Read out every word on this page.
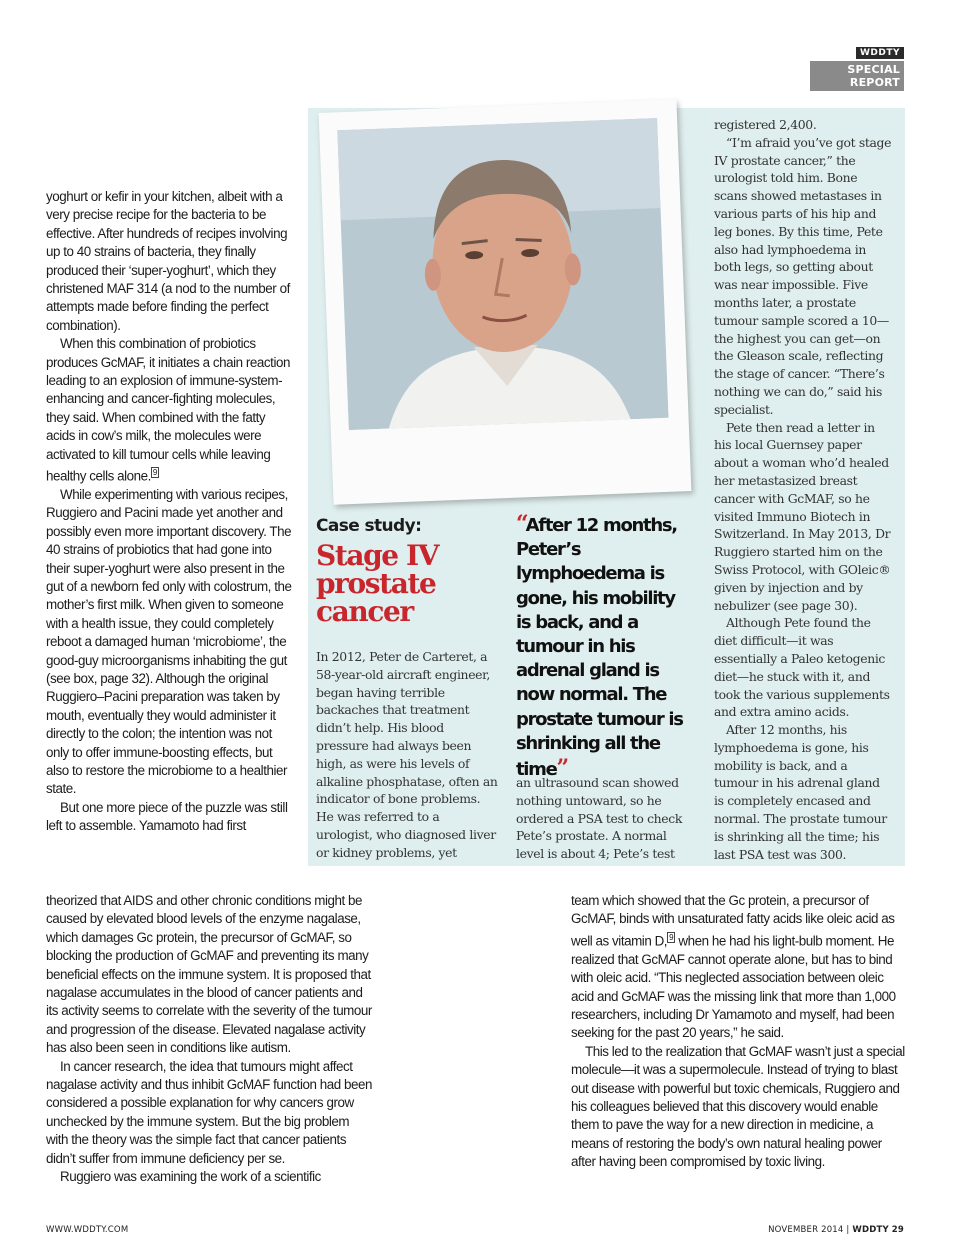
WDDTY
SPECIAL REPORT
Case study:
Stage IV prostate cancer

In 2012, Peter de Carteret, a 58-year-old aircraft engineer, began having terrible backaches that treatment didn’t help. His blood pressure had always been high, as were his levels of alkaline phosphatase, often an indicator of bone problems. He was referred to a urologist, who diagnosed liver or kidney problems, yet

“After 12 months, Peter’s lymphoedema is gone, his mobility is back, and a tumour in his adrenal gland is now normal. The prostate tumour is shrinking all the time”

an ultrasound scan showed nothing untoward, so he ordered a PSA test to check Pete’s prostate. A normal level is about 4; Pete’s test

registered 2,400.

“I’m afraid you’ve got stage IV prostate cancer,” the urologist told him. Bone scans showed metastases in various parts of his hip and leg bones. By this time, Pete also had lymphoedema in both legs, so getting about was near impossible. Five months later, a prostate tumour sample scored a 10—the highest you can get—on the Gleason scale, reflecting the stage of cancer. “There’s nothing we can do,” said his specialist.

Pete then read a letter in his local Guernsey paper about a woman who’d healed her metastasized breast cancer with GcMAF, so he visited Immuno Biotech in Switzerland. In May 2013, Dr Ruggiero started him on the Swiss Protocol, with GOleic® given by injection and by nebulizer (see page 30).

Although Pete found the diet difficult—it was essentially a Paleo ketogenic diet—he stuck with it, and took the various supplements and extra amino acids.

After 12 months, his lymphoedema is gone, his mobility is back, and a tumour in his adrenal gland is completely encased and normal. The prostate tumour is shrinking all the time; his last PSA test was 300.

yoghurt or kefir in your kitchen, albeit with a very precise recipe for the bacteria to be effective. After hundreds of recipes involving up to 40 strains of bacteria, they finally produced their ‘super-yoghurt’, which they christened MAF 314 (a nod to the number of attempts made before finding the perfect combination).

When this combination of probiotics produces GcMAF, it initiates a chain reaction leading to an explosion of immune-system-enhancing and cancer-fighting molecules, they said. When combined with the fatty acids in cow’s milk, the molecules were activated to kill tumour cells while leaving healthy cells alone. $^9$

While experimenting with various recipes, Ruggiero and Pacini made yet another and possibly even more important discovery. The 40 strains of probiotics that had gone into their super-yoghurt were also present in the gut of a newborn fed only with colostrum, the mother’s first milk. When given to someone with a health issue, they could completely reboot a damaged human ‘microbiome’, the good-guy microorganisms inhabiting the gut (see box, page 32). Although the original Ruggiero–Pacini preparation was taken by mouth, eventually they would administer it directly to the colon; the intention was not only to offer immune-boosting effects, but also to restore the microbiome to a healthier state.

But one more piece of the puzzle was still left to assemble. Yamamoto had first

theorized that AIDS and other chronic conditions might be caused by elevated blood levels of the enzyme nagalase, which damages Gc protein, the precursor of GcMAF, so blocking the production of GcMAF and preventing its many beneficial effects on the immune system. It is proposed that nagalase accumulates in the blood of cancer patients and its activity seems to correlate with the severity of the tumour and progression of the disease. Elevated nagalase activity has also been seen in conditions like autism.

In cancer research, the idea that tumours might affect nagalase activity and thus inhibit GcMAF function had been considered a possible explanation for why cancers grow unchecked by the immune system. But the big problem with the theory was the simple fact that cancer patients didn’t suffer from immune deficiency per se.

Ruggiero was examining the work of a scientific

team which showed that the Gc protein, a precursor of GcMAF, binds with unsaturated fatty acids like oleic acid as well as vitamin D, $^9$ when he had his light-bulb moment. He realized that GcMAF cannot operate alone, but has to bind with oleic acid. “This neglected association between oleic acid and GcMAF was the missing link that more than 1,000 researchers, including Dr Yamamoto and myself, had been seeking for the past 20 years,” he said.

This led to the realization that GcMAF wasn’t just a special molecule—it was a supermolecule. Instead of trying to blast out disease with powerful but toxic chemicals, Ruggiero and his colleagues believed that this discovery would enable them to pave the way for a new direction in medicine, a means of restoring the body’s own natural healing power after having been compromised by toxic living.

WWW.WDDTY.COM	NOVEMBER 2014 | WDDTY 29
